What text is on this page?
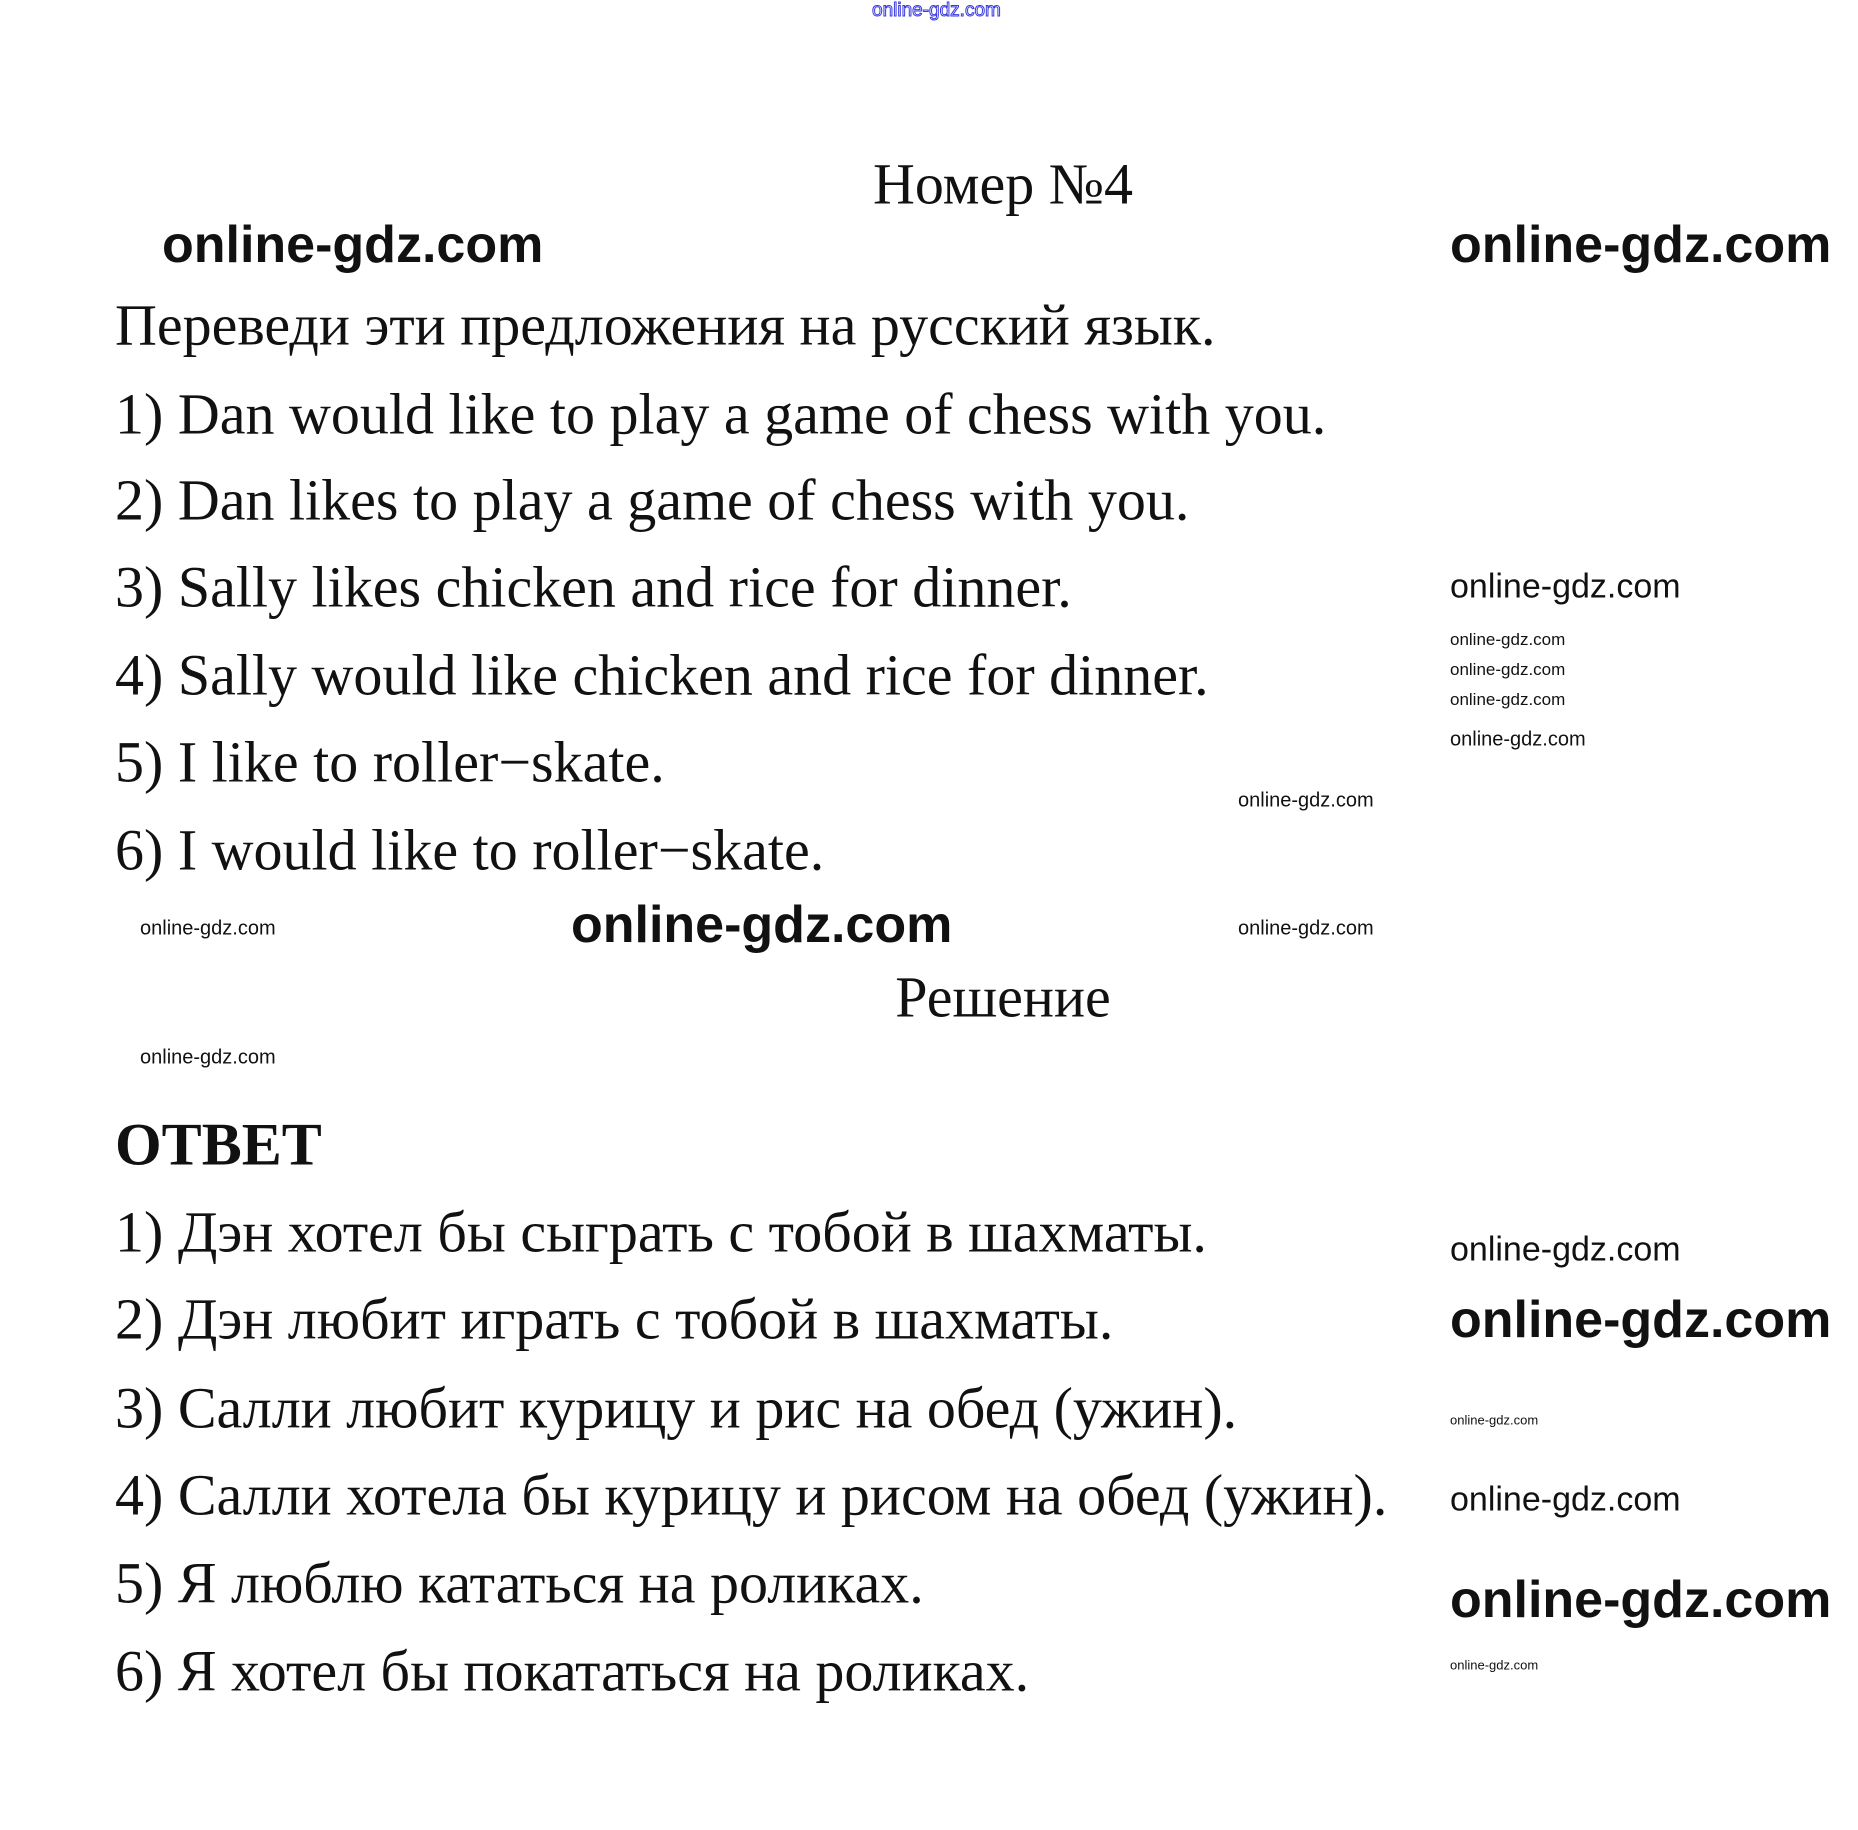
online-gdz.com
Номер №4
online-gdz.com	online-gdz.com
Переведи эти предложения на русский язык.
1) Dan would like to play a game of chess with you.
2) Dan likes to play a game of chess with you.
3) Sally likes chicken and rice for dinner.
4) Sally would like chicken and rice for dinner.
5) I like to roller−skate.
6) I would like to roller−skate.
online-gdz.com
online-gdz.com
online-gdz.com
online-gdz.com
online-gdz.com
online-gdz.com
online-gdz.com	online-gdz.com	online-gdz.com
Решение
online-gdz.com
ОТВЕТ
1) Дэн хотел бы сыграть с тобой в шахматы.
2) Дэн любит играть с тобой в шахматы.
3) Салли любит курицу и рис на обед (ужин).
4) Салли хотела бы курицу и рисом на обед (ужин).
5) Я люблю кататься на роликах.
6) Я хотел бы покататься на роликах.
online-gdz.com
online-gdz.com
online-gdz.com
online-gdz.com
online-gdz.com
online-gdz.com
